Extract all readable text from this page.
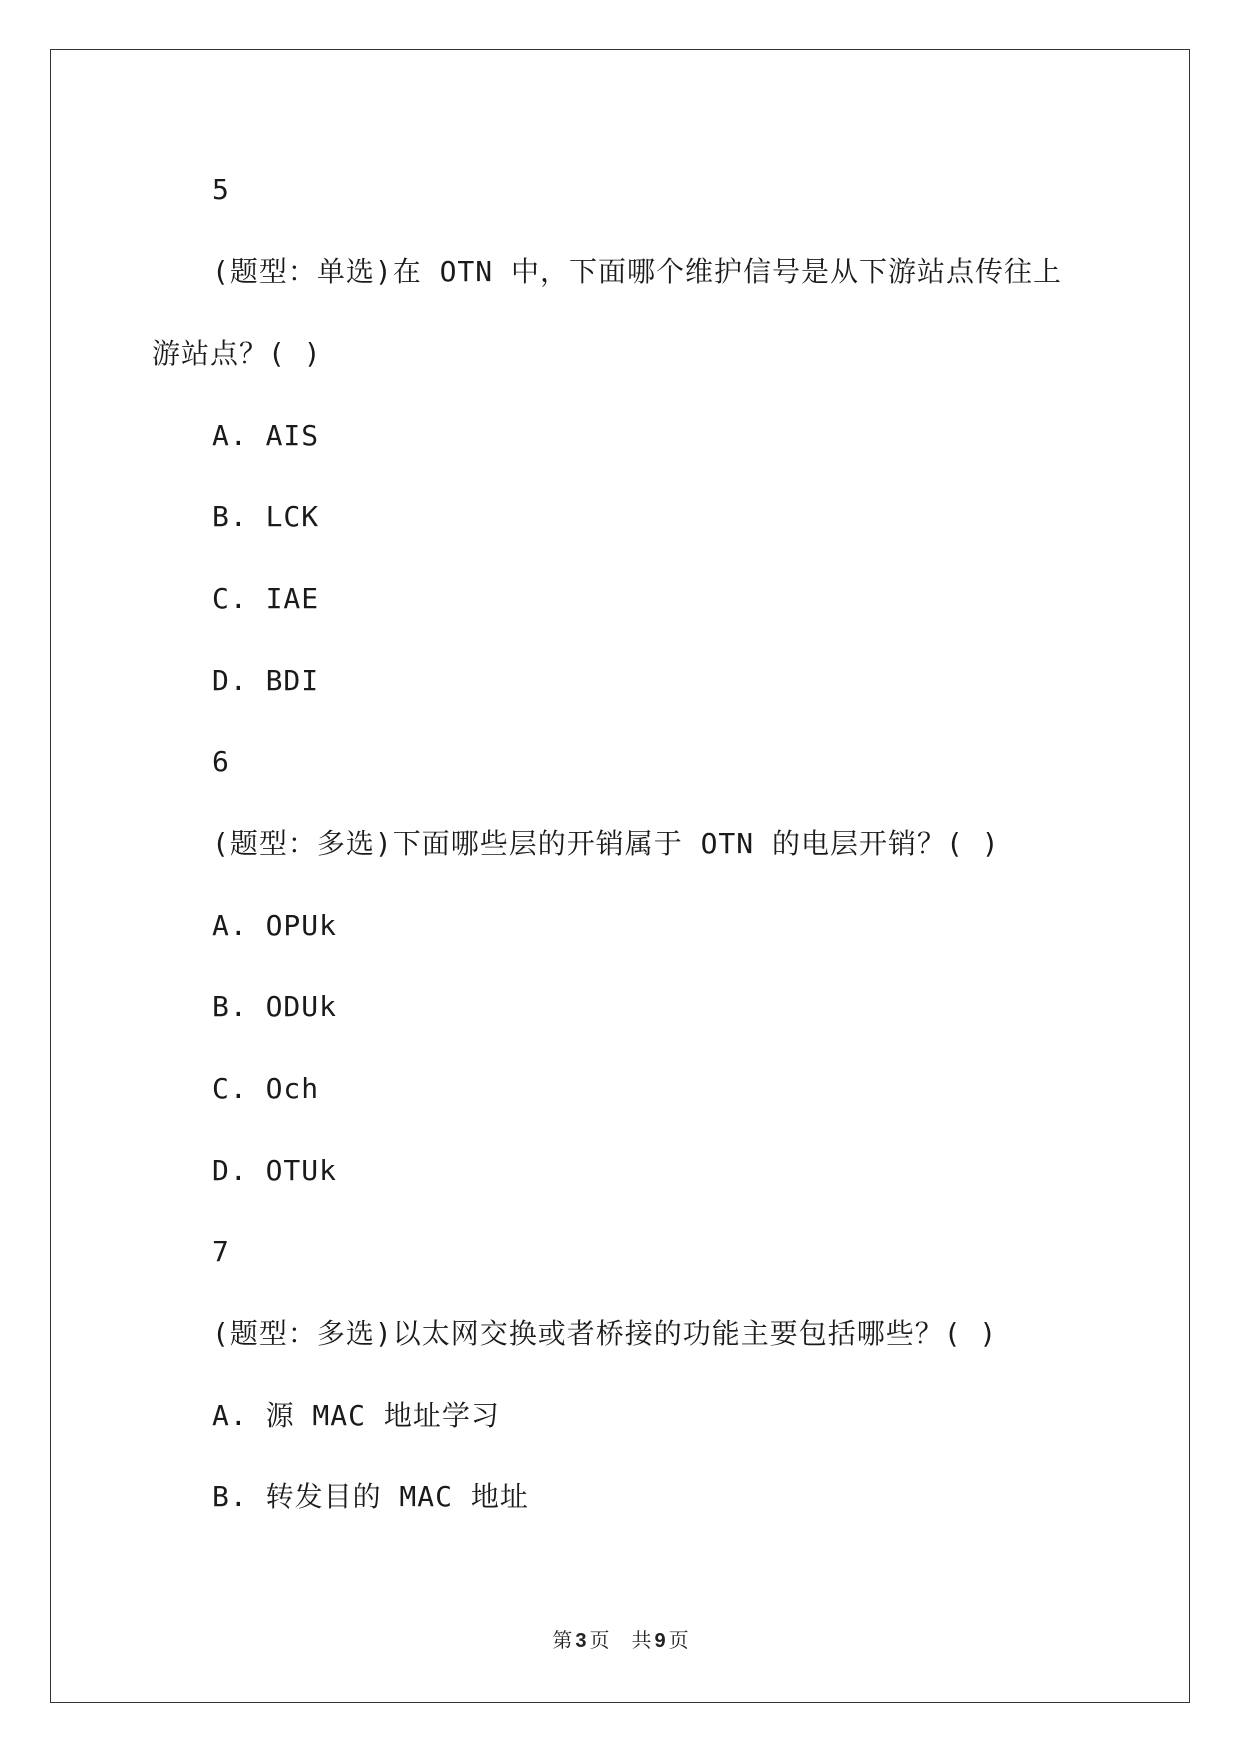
5
(题型：单选)在 OTN 中，下面哪个维护信号是从下游站点传往上
游站点？( )
A. AIS
B. LCK
C. IAE
D. BDI
6
(题型：多选)下面哪些层的开销属于 OTN 的电层开销？( )
A. OPUk
B. ODUk
C. Och
D. OTUk
7
(题型：多选)以太网交换或者桥接的功能主要包括哪些？( )
A. 源 MAC 地址学习
B. 转发目的 MAC 地址
第 3 页 共 9 页
